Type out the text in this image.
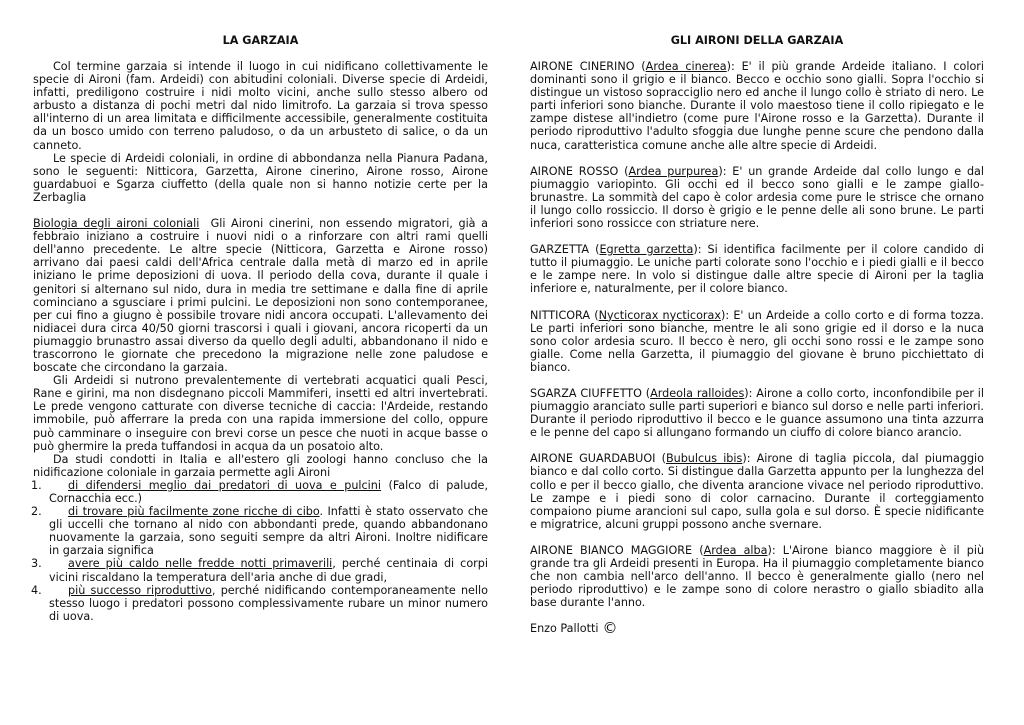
LA GARZAIA

Col termine garzaia si intende il luogo in cui nidificano collettivamente le specie di Aironi (fam. Ardeidi) con abitudini coloniali. Diverse specie di Ardeidi, infatti, prediligono costruire i nidi molto vicini, anche sullo stesso albero od arbusto a distanza di pochi metri dal nido limitrofo. La garzaia si trova spesso all'interno di un area limitata e difficilmente accessibile, generalmente costituita da un bosco umido con terreno paludoso, o da un arbusteto di salice, o da un canneto.

Le specie di Ardeidi coloniali, in ordine di abbondanza nella Pianura Padana, sono le seguenti: Nitticora, Garzetta, Airone cinerino, Airone rosso, Airone guardabuoi e Sgarza ciuffetto (della quale non si hanno notizie certe per la Zerbaglia

Biologia degli aironi coloniali Gli Aironi cinerini, non essendo migratori, già a febbraio iniziano a costruire i nuovi nidi o a rinforzare con altri rami quelli dell'anno precedente. Le altre specie (Nitticora, Garzetta e Airone rosso) arrivano dai paesi caldi dell'Africa centrale dalla metà di marzo ed in aprile iniziano le prime deposizioni di uova. Il periodo della cova, durante il quale i genitori si alternano sul nido, dura in media tre settimane e dalla fine di aprile cominciano a sgusciare i primi pulcini. Le deposizioni non sono contemporanee, per cui fino a giugno è possibile trovare nidi ancora occupati. L'allevamento dei nidiacei dura circa 40/50 giorni trascorsi i quali i giovani, ancora ricoperti da un piumaggio brunastro assai diverso da quello degli adulti, abbandonano il nido e trascorrono le giornate che precedono la migrazione nelle zone paludose e boscate che circondano la garzaia.

Gli Ardeidi si nutrono prevalentemente di vertebrati acquatici quali Pesci, Rane e girini, ma non disdegnano piccoli Mammiferi, insetti ed altri invertebrati. Le prede vengono catturate con diverse tecniche di caccia: l'Ardeide, restando immobile, può afferrare la preda con una rapida immersione del collo, oppure può camminare o inseguire con brevi corse un pesce che nuoti in acque basse o può ghermire la preda tuffandosi in acqua da un posatoio alto.

Da studi condotti in Italia e all'estero gli zoologi hanno concluso che la nidificazione coloniale in garzaia permette agli Aironi

1. di difendersi meglio dai predatori di uova e pulcini (Falco di palude, Cornacchia ecc.)
2. di trovare più facilmente zone ricche di cibo. Infatti è stato osservato che gli uccelli che tornano al nido con abbondanti prede, quando abbandonano nuovamente la garzaia, sono seguiti sempre da altri Aironi. Inoltre nidificare in garzaia significa
3. avere più caldo nelle fredde notti primaverili, perché centinaia di corpi vicini riscaldano la temperatura dell'aria anche di due gradi,
4. più successo riproduttivo, perché nidificando contemporaneamente nello stesso luogo i predatori possono complessivamente rubare un minor numero di uova.
GLI AIRONI DELLA GARZAIA

AIRONE CINERINO (Ardea cinerea): E' il più grande Ardeide italiano. I colori dominanti sono il grigio e il bianco. Becco e occhio sono gialli. Sopra l'occhio si distingue un vistoso sopracciglio nero ed anche il lungo collo è striato di nero. Le parti inferiori sono bianche. Durante il volo maestoso tiene il collo ripiegato e le zampe distese all'indietro (come pure l'Airone rosso e la Garzetta). Durante il periodo riproduttivo l'adulto sfoggia due lunghe penne scure che pendono dalla nuca, caratteristica comune anche alle altre specie di Ardeidi.

AIRONE ROSSO (Ardea purpurea): E' un grande Ardeide dal collo lungo e dal piumaggio variopinto. Gli occhi ed il becco sono gialli e le zampe giallo-brunastre. La sommità del capo è color ardesia come pure le strisce che ornano il lungo collo rossiccio. Il dorso è grigio e le penne delle ali sono brune. Le parti inferiori sono rossicce con striature nere.

GARZETTA (Egretta garzetta): Si identifica facilmente per il colore candido di tutto il piumaggio. Le uniche parti colorate sono l'occhio e i piedi gialli e il becco e le zampe nere. In volo si distingue dalle altre specie di Aironi per la taglia inferiore e, naturalmente, per il colore bianco.

NITTICORA (Nycticorax nycticorax): E' un Ardeide a collo corto e di forma tozza. Le parti inferiori sono bianche, mentre le ali sono grigie ed il dorso e la nuca sono color ardesia scuro. Il becco è nero, gli occhi sono rossi e le zampe sono gialle. Come nella Garzetta, il piumaggio del giovane è bruno picchiettato di bianco.

SGARZA CIUFFETTO (Ardeola ralloides): Airone a collo corto, inconfondibile per il piumaggio aranciato sulle parti superiori e bianco sul dorso e nelle parti inferiori. Durante il periodo riproduttivo il becco e le guance assumono una tinta azzurra e le penne del capo si allungano formando un ciuffo di colore bianco arancio.

AIRONE GUARDABUOI (Bubulcus ibis): Airone di taglia piccola, dal piumaggio bianco e dal collo corto. Si distingue dalla Garzetta appunto per la lunghezza del collo e per il becco giallo, che diventa arancione vivace nel periodo riproduttivo. Le zampe e i piedi sono di color carnacino. Durante il corteggiamento compaiono piume arancioni sul capo, sulla gola e sul dorso. È specie nidificante e migratrice, alcuni gruppi possono anche svernare.

AIRONE BIANCO MAGGIORE (Ardea alba): L'Airone bianco maggiore è il più grande tra gli Ardeidi presenti in Europa. Ha il piumaggio completamente bianco che non cambia nell'arco dell'anno. Il becco è generalmente giallo (nero nel periodo riproduttivo) e le zampe sono di colore nerastro o giallo sbiadito alla base durante l'anno.

Enzo Pallotti ©
